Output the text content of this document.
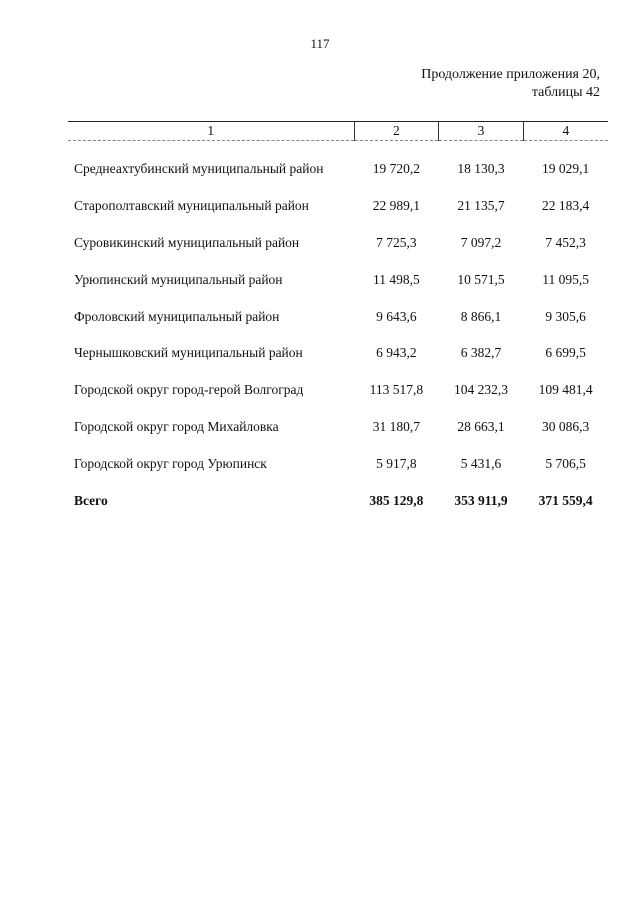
117
Продолжение приложения 20,
таблицы 42
1	2	3	4
Среднеахтубинский муниципальный район	19 720,2	18 130,3	19 029,1
Старополтавский муниципальный район	22 989,1	21 135,7	22 183,4
Суровикинский муниципальный район	7 725,3	7 097,2	7 452,3
Урюпинский муниципальный район	11 498,5	10 571,5	11 095,5
Фроловский муниципальный район	9 643,6	8 866,1	9 305,6
Чернышковский муниципальный район	6 943,2	6 382,7	6 699,5
Городской округ город-герой Волгоград	113 517,8	104 232,3	109 481,4
Городской округ город Михайловка	31 180,7	28 663,1	30 086,3
Городской округ город Урюпинск	5 917,8	5 431,6	5 706,5
Всего	385 129,8	353 911,9	371 559,4
